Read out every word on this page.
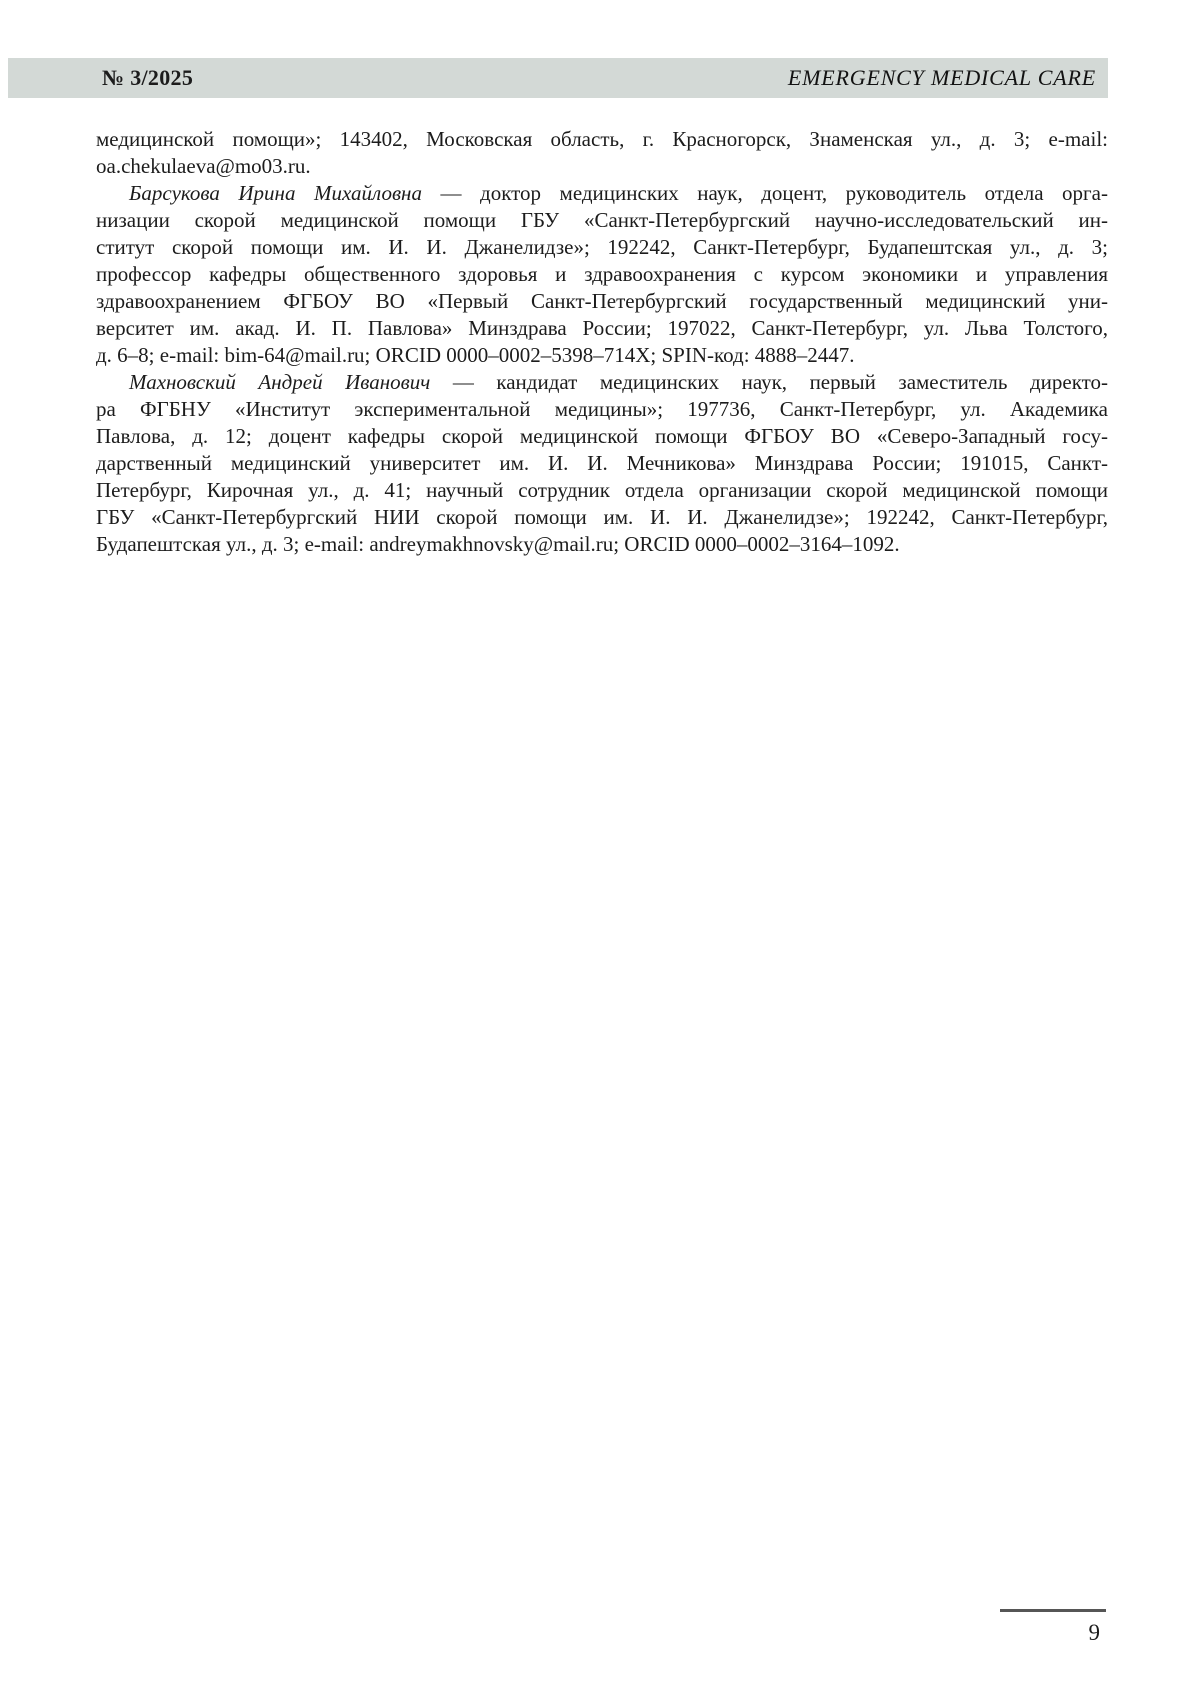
№ 3/2025	EMERGENCY MEDICAL CARE
медицинской помощи»; 143402, Московская область, г. Красногорск, Знаменская ул., д. 3; e-mail:
oa.chekulaeva@mo03.ru.
Барсукова Ирина Михайловна — доктор медицинских наук, доцент, руководитель отдела орга-
низации скорой медицинской помощи ГБУ «Санкт-Петербургский научно-исследовательский ин-
ститут скорой помощи им. И. И. Джанелидзе»; 192242, Санкт-Петербург, Будапештская ул., д. 3;
профессор кафедры общественного здоровья и здравоохранения с курсом экономики и управления
здравоохранением ФГБОУ ВО «Первый Санкт-Петербургский государственный медицинский уни-
верситет им. акад. И. П. Павлова» Минздрава России; 197022, Санкт-Петербург, ул. Льва Толстого,
д. 6–8; e-mail: bim-64@mail.ru; ORCID 0000–0002–5398–714X; SPIN-код: 4888–2447.
Махновский Андрей Иванович — кандидат медицинских наук, первый заместитель директо-
ра ФГБНУ «Институт экспериментальной медицины»; 197736, Санкт-Петербург, ул. Академика
Павлова, д. 12; доцент кафедры скорой медицинской помощи ФГБОУ ВО «Северо-Западный госу-
дарственный медицинский университет им. И. И. Мечникова» Минздрава России; 191015, Санкт-
Петербург, Кирочная ул., д. 41; научный сотрудник отдела организации скорой медицинской помощи
ГБУ «Санкт-Петербургский НИИ скорой помощи им. И. И. Джанелидзе»; 192242, Санкт-Петербург,
Будапештская ул., д. 3; e-mail: andreymakhnovsky@mail.ru; ORCID 0000–0002–3164–1092.
9
